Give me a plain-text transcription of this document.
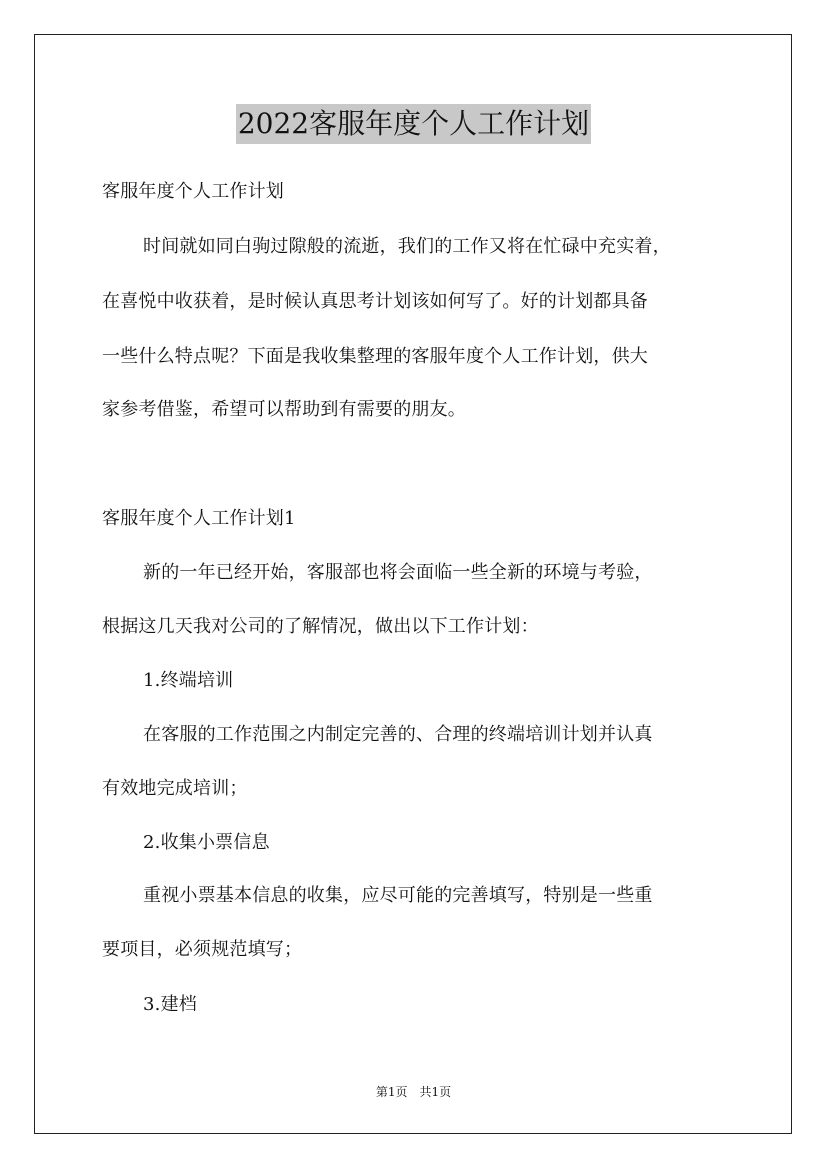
2022客服年度个人工作计划
客服年度个人工作计划
时间就如同白驹过隙般的流逝，我们的工作又将在忙碌中充实着，
在喜悦中收获着，是时候认真思考计划该如何写了。好的计划都具备
一些什么特点呢？下面是我收集整理的客服年度个人工作计划，供大
家参考借鉴，希望可以帮助到有需要的朋友。
客服年度个人工作计划1
新的一年已经开始，客服部也将会面临一些全新的环境与考验，
根据这几天我对公司的了解情况，做出以下工作计划：
1.终端培训
在客服的工作范围之内制定完善的、合理的终端培训计划并认真
有效地完成培训；
2.收集小票信息
重视小票基本信息的收集，应尽可能的完善填写，特别是一些重
要项目，必须规范填写；
3.建档
第1页　共1页
